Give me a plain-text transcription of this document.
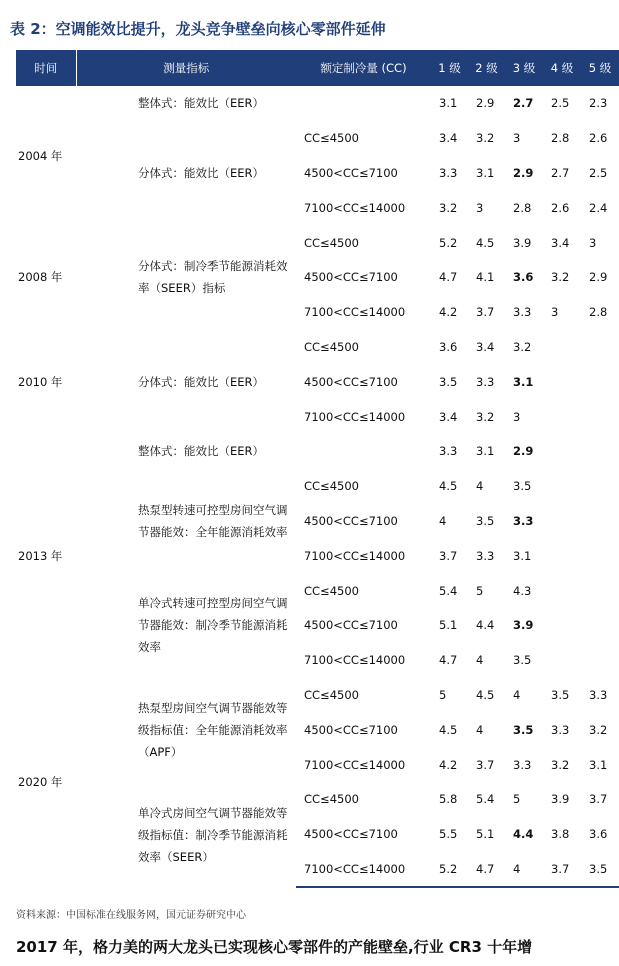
表 2：空调能效比提升，龙头竞争壁垒向核心零部件延伸
时间	测量指标	额定制冷量 (CC)	1 级	2 级	3 级	4 级	5 级
2004 年	整体式：能效比（EER）		3.1	2.9	2.7	2.5	2.3
	分体式：能效比（EER）	CC≤4500	3.4	3.2	3	2.8	2.6
		4500<CC≤7100	3.3	3.1	2.9	2.7	2.5
		7100<CC≤14000	3.2	3	2.8	2.6	2.4
2008 年	分体式：制冷季节能源消耗效率（SEER）指标	CC≤4500	5.2	4.5	3.9	3.4	3
		4500<CC≤7100	4.7	4.1	3.6	3.2	2.9
		7100<CC≤14000	4.2	3.7	3.3	3	2.8
2010 年	分体式：能效比（EER）	CC≤4500	3.6	3.4	3.2		
		4500<CC≤7100	3.5	3.3	3.1		
		7100<CC≤14000	3.4	3.2	3		
2013 年	整体式：能效比（EER）		3.3	3.1	2.9		
	热泵型转速可控型房间空气调节器能效：全年能源消耗效率	CC≤4500	4.5	4	3.5		
		4500<CC≤7100	4	3.5	3.3		
		7100<CC≤14000	3.7	3.3	3.1		
	单冷式转速可控型房间空气调节器能效：制冷季节能源消耗效率	CC≤4500	5.4	5	4.3		
		4500<CC≤7100	5.1	4.4	3.9		
		7100<CC≤14000	4.7	4	3.5		
2020 年	热泵型房间空气调节器能效等级指标值：全年能源消耗效率（APF）	CC≤4500	5	4.5	4	3.5	3.3
		4500<CC≤7100	4.5	4	3.5	3.3	3.2
		7100<CC≤14000	4.2	3.7	3.3	3.2	3.1
	单冷式房间空气调节器能效等级指标值：制冷季节能源消耗效率（SEER）	CC≤4500	5.8	5.4	5	3.9	3.7
		4500<CC≤7100	5.5	5.1	4.4	3.8	3.6
		7100<CC≤14000	5.2	4.7	4	3.7	3.5
资料来源：中国标准在线服务网，国元证券研究中心
2017 年，格力美的两大龙头已实现核心零部件的产能壁垒,行业 CR3 十年增
